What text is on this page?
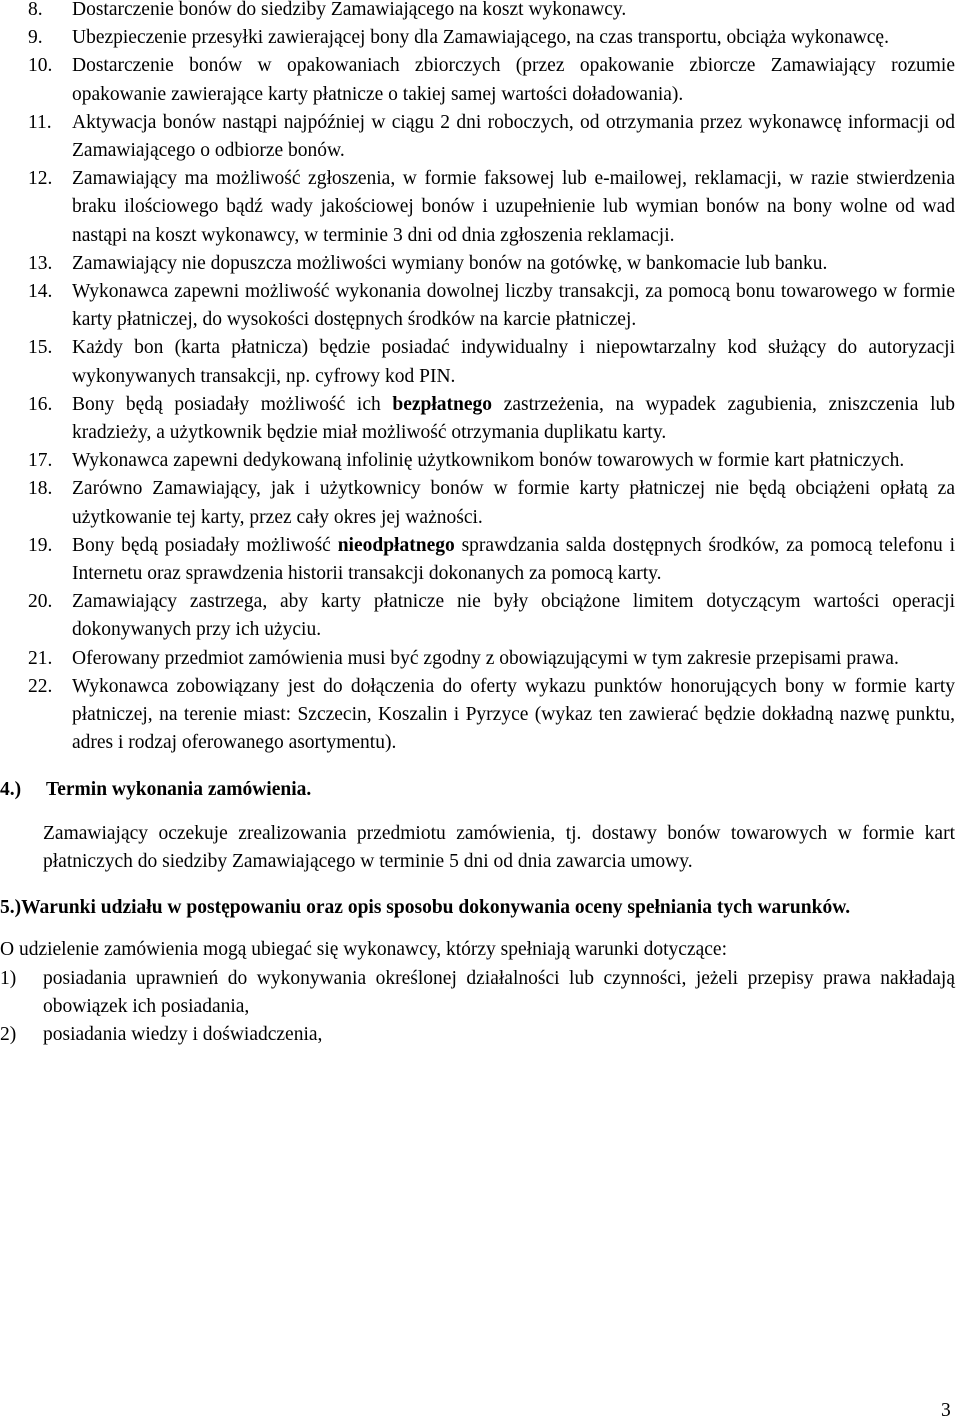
8.	Dostarczenie bonów do siedziby Zamawiającego na koszt wykonawcy.
9.	Ubezpieczenie przesyłki zawierającej bony dla Zamawiającego, na czas transportu, obciąża wykonawcę.
10.	Dostarczenie bonów w opakowaniach zbiorczych (przez opakowanie zbiorcze Zamawiający rozumie opakowanie zawierające karty płatnicze o takiej samej wartości doładowania).
11.	Aktywacja bonów nastąpi najpóźniej w ciągu 2 dni roboczych, od otrzymania przez wykonawcę informacji od Zamawiającego o odbiorze bonów.
12.	Zamawiający ma możliwość zgłoszenia, w formie faksowej lub e-mailowej, reklamacji, w razie stwierdzenia braku ilościowego bądź wady jakościowej bonów i uzupełnienie lub wymian bonów na bony wolne od wad nastąpi na koszt wykonawcy, w terminie 3 dni od dnia zgłoszenia reklamacji.
13.	Zamawiający nie dopuszcza możliwości wymiany bonów na gotówkę, w bankomacie lub banku.
14.	Wykonawca zapewni możliwość wykonania dowolnej liczby transakcji, za pomocą bonu towarowego w formie karty płatniczej, do wysokości dostępnych środków na karcie płatniczej.
15.	Każdy bon (karta płatnicza) będzie posiadać indywidualny i niepowtarzalny kod służący do autoryzacji wykonywanych transakcji, np. cyfrowy kod PIN.
16.	Bony będą posiadały możliwość ich bezpłatnego zastrzeżenia, na wypadek zagubienia, zniszczenia lub kradzieży, a użytkownik będzie miał możliwość otrzymania duplikatu karty.
17.	Wykonawca zapewni dedykowaną infolinię użytkownikom bonów towarowych w formie kart płatniczych.
18.	Zarówno Zamawiający, jak i użytkownicy bonów w formie karty płatniczej nie będą obciążeni opłatą za użytkowanie tej karty, przez cały okres jej ważności.
19.	Bony będą posiadały możliwość nieodpłatnego sprawdzania salda dostępnych środków, za pomocą telefonu i Internetu oraz sprawdzenia historii transakcji dokonanych za pomocą karty.
20.	Zamawiający zastrzega, aby karty płatnicze nie były obciążone limitem dotyczącym wartości operacji dokonywanych przy ich użyciu.
21.	Oferowany przedmiot zamówienia musi być zgodny z obowiązującymi w tym zakresie przepisami prawa.
22.	Wykonawca zobowiązany jest do dołączenia do oferty wykazu punktów honorujących bony w formie karty płatniczej, na terenie miast: Szczecin, Koszalin i Pyrzyce (wykaz ten zawierać będzie dokładną nazwę punktu, adres i rodzaj oferowanego asortymentu).
4.)	Termin wykonania zamówienia.
Zamawiający oczekuje zrealizowania przedmiotu zamówienia, tj. dostawy bonów towarowych w formie kart płatniczych do siedziby Zamawiającego w terminie 5 dni od dnia zawarcia umowy.
5.) Warunki udziału w postępowaniu oraz opis sposobu dokonywania oceny spełniania tych warunków.
O udzielenie zamówienia mogą ubiegać się wykonawcy, którzy spełniają warunki dotyczące:
1)	posiadania uprawnień do wykonywania określonej działalności lub czynności, jeżeli przepisy prawa nakładają obowiązek ich posiadania,
2)	posiadania wiedzy i doświadczenia,
3
